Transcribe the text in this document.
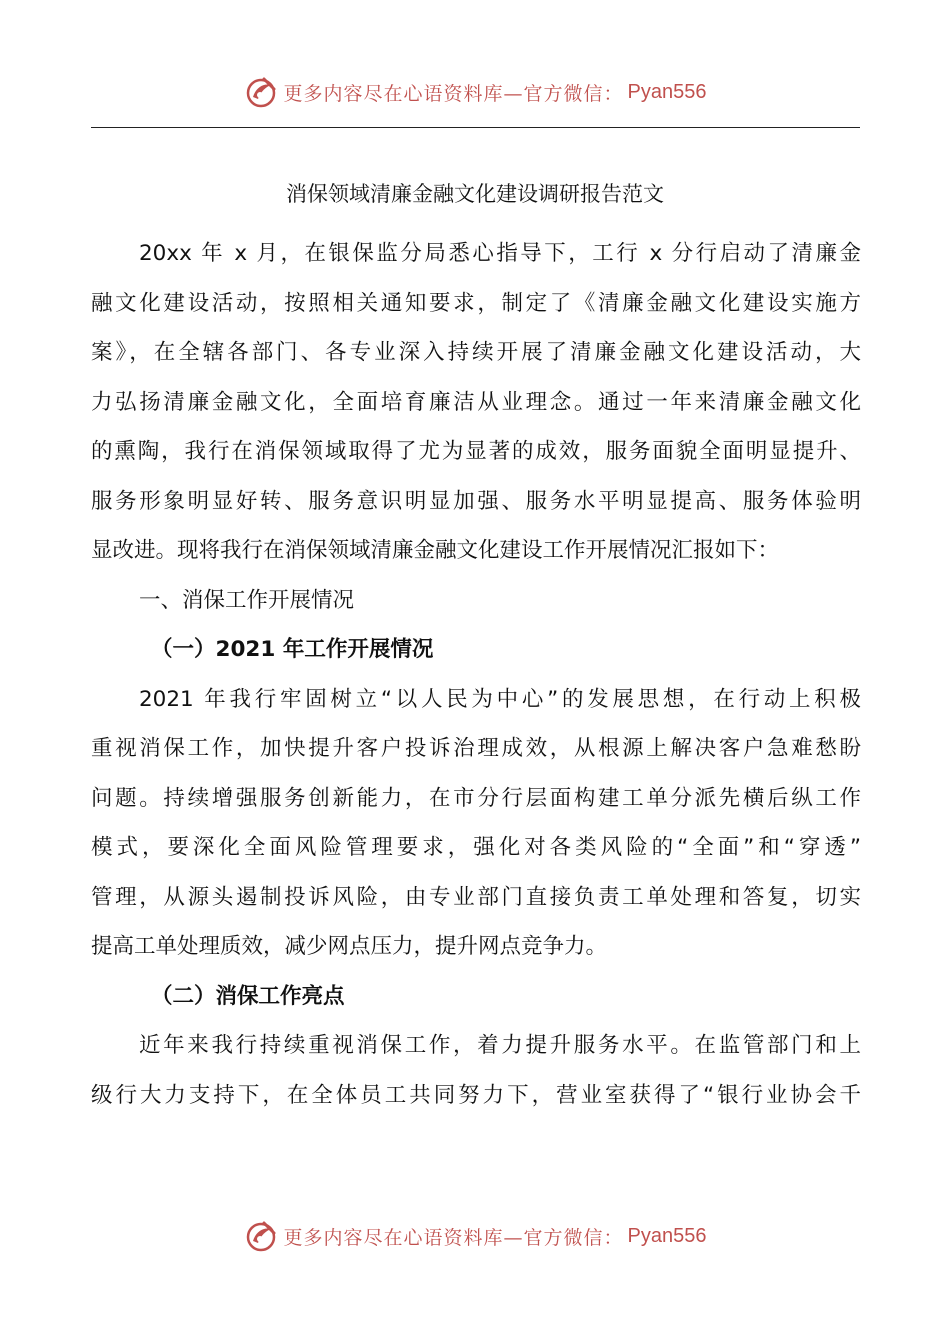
更多内容尽在心语资料库—官方微信： Pyan556
消保领域清廉金融文化建设调研报告范文
20xx 年 x 月，在银保监分局悉心指导下，工行 x 分行启动了清廉金
融文化建设活动，按照相关通知要求，制定了《清廉金融文化建设实施方
案》，在全辖各部门、各专业深入持续开展了清廉金融文化建设活动，大
力弘扬清廉金融文化，全面培育廉洁从业理念。通过一年来清廉金融文化
的熏陶，我行在消保领域取得了尤为显著的成效，服务面貌全面明显提升、
服务形象明显好转、服务意识明显加强、服务水平明显提高、服务体验明
显改进。现将我行在消保领域清廉金融文化建设工作开展情况汇报如下：
一、消保工作开展情况
（一）2021 年工作开展情况
2021 年我行牢固树立“以人民为中心”的发展思想，在行动上积极
重视消保工作，加快提升客户投诉治理成效，从根源上解决客户急难愁盼
问题。持续增强服务创新能力，在市分行层面构建工单分派先横后纵工作
模式，要深化全面风险管理要求，强化对各类风险的“全面”和“穿透”
管理，从源头遏制投诉风险，由专业部门直接负责工单处理和答复，切实
提高工单处理质效，减少网点压力，提升网点竞争力。
（二）消保工作亮点
近年来我行持续重视消保工作，着力提升服务水平。在监管部门和上
级行大力支持下，在全体员工共同努力下，营业室获得了“银行业协会千
更多内容尽在心语资料库—官方微信： Pyan556
